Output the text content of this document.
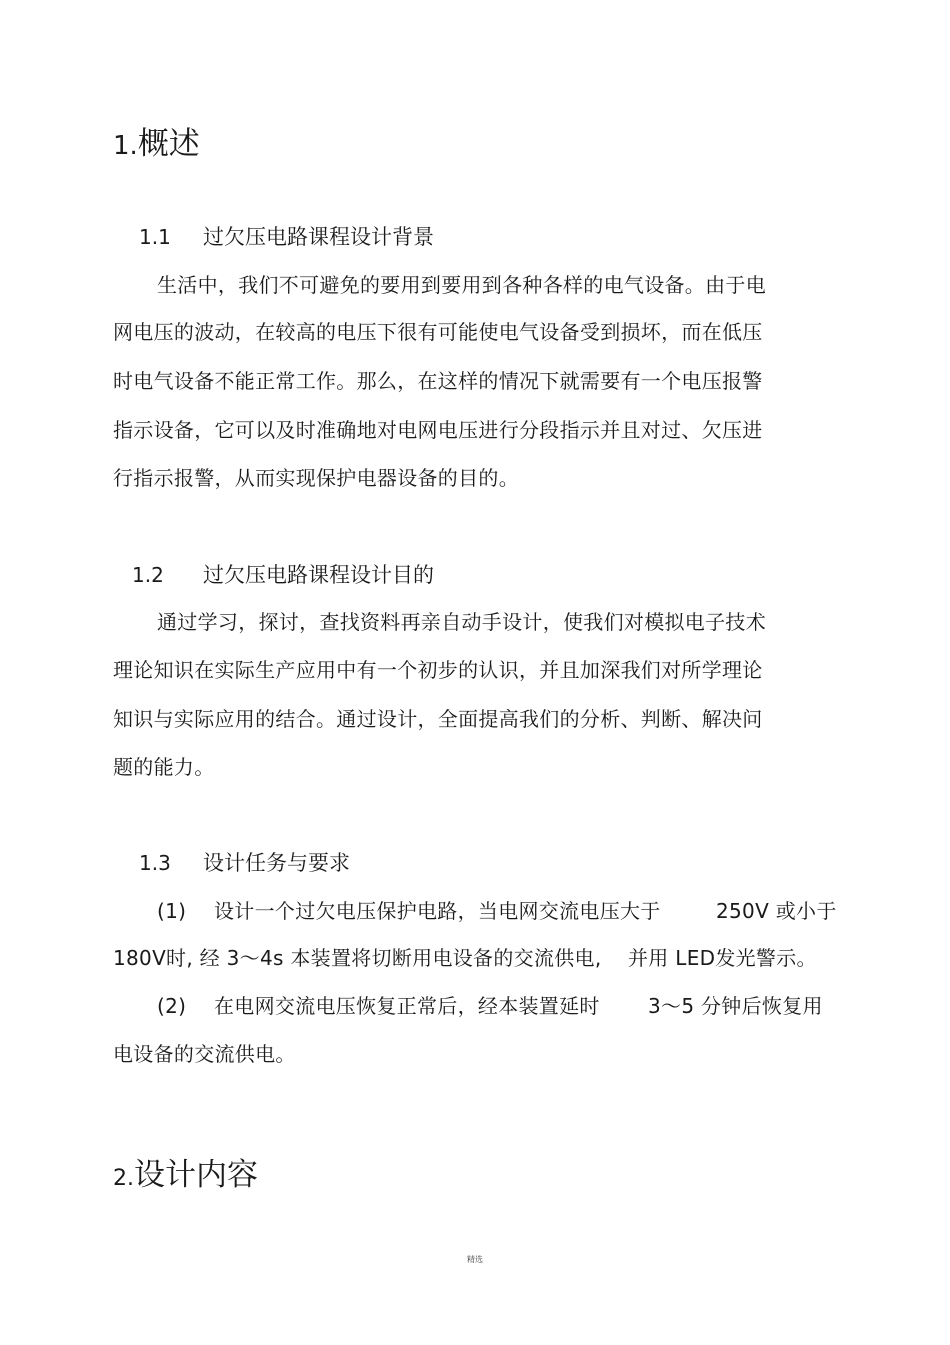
1.概述
1.1 过欠压电路课程设计背景
生活中，我们不可避免的要用到要用到各种各样的电气设备。由于电
网电压的波动，在较高的电压下很有可能使电气设备受到损坏，而在低压
时电气设备不能正常工作。那么，在这样的情况下就需要有一个电压报警
指示设备，它可以及时准确地对电网电压进行分段指示并且对过、欠压进
行指示报警，从而实现保护电器设备的目的。
1.2 过欠压电路课程设计目的
通过学习，探讨，查找资料再亲自动手设计，使我们对模拟电子技术
理论知识在实际生产应用中有一个初步的认识，并且加深我们对所学理论
知识与实际应用的结合。通过设计，全面提高我们的分析、判断、解决问
题的能力。
1.3 设计任务与要求
(1) 设计一个过欠电压保护电路，当电网交流电压大于	250V 或小于
180V时, 经 3～4s 本装置将切断用电设备的交流供电, 并用 LED发光警示。
(2) 在电网交流电压恢复正常后，经本装置延时 3～5 分钟后恢复用
电设备的交流供电。
2.设计内容
精选
